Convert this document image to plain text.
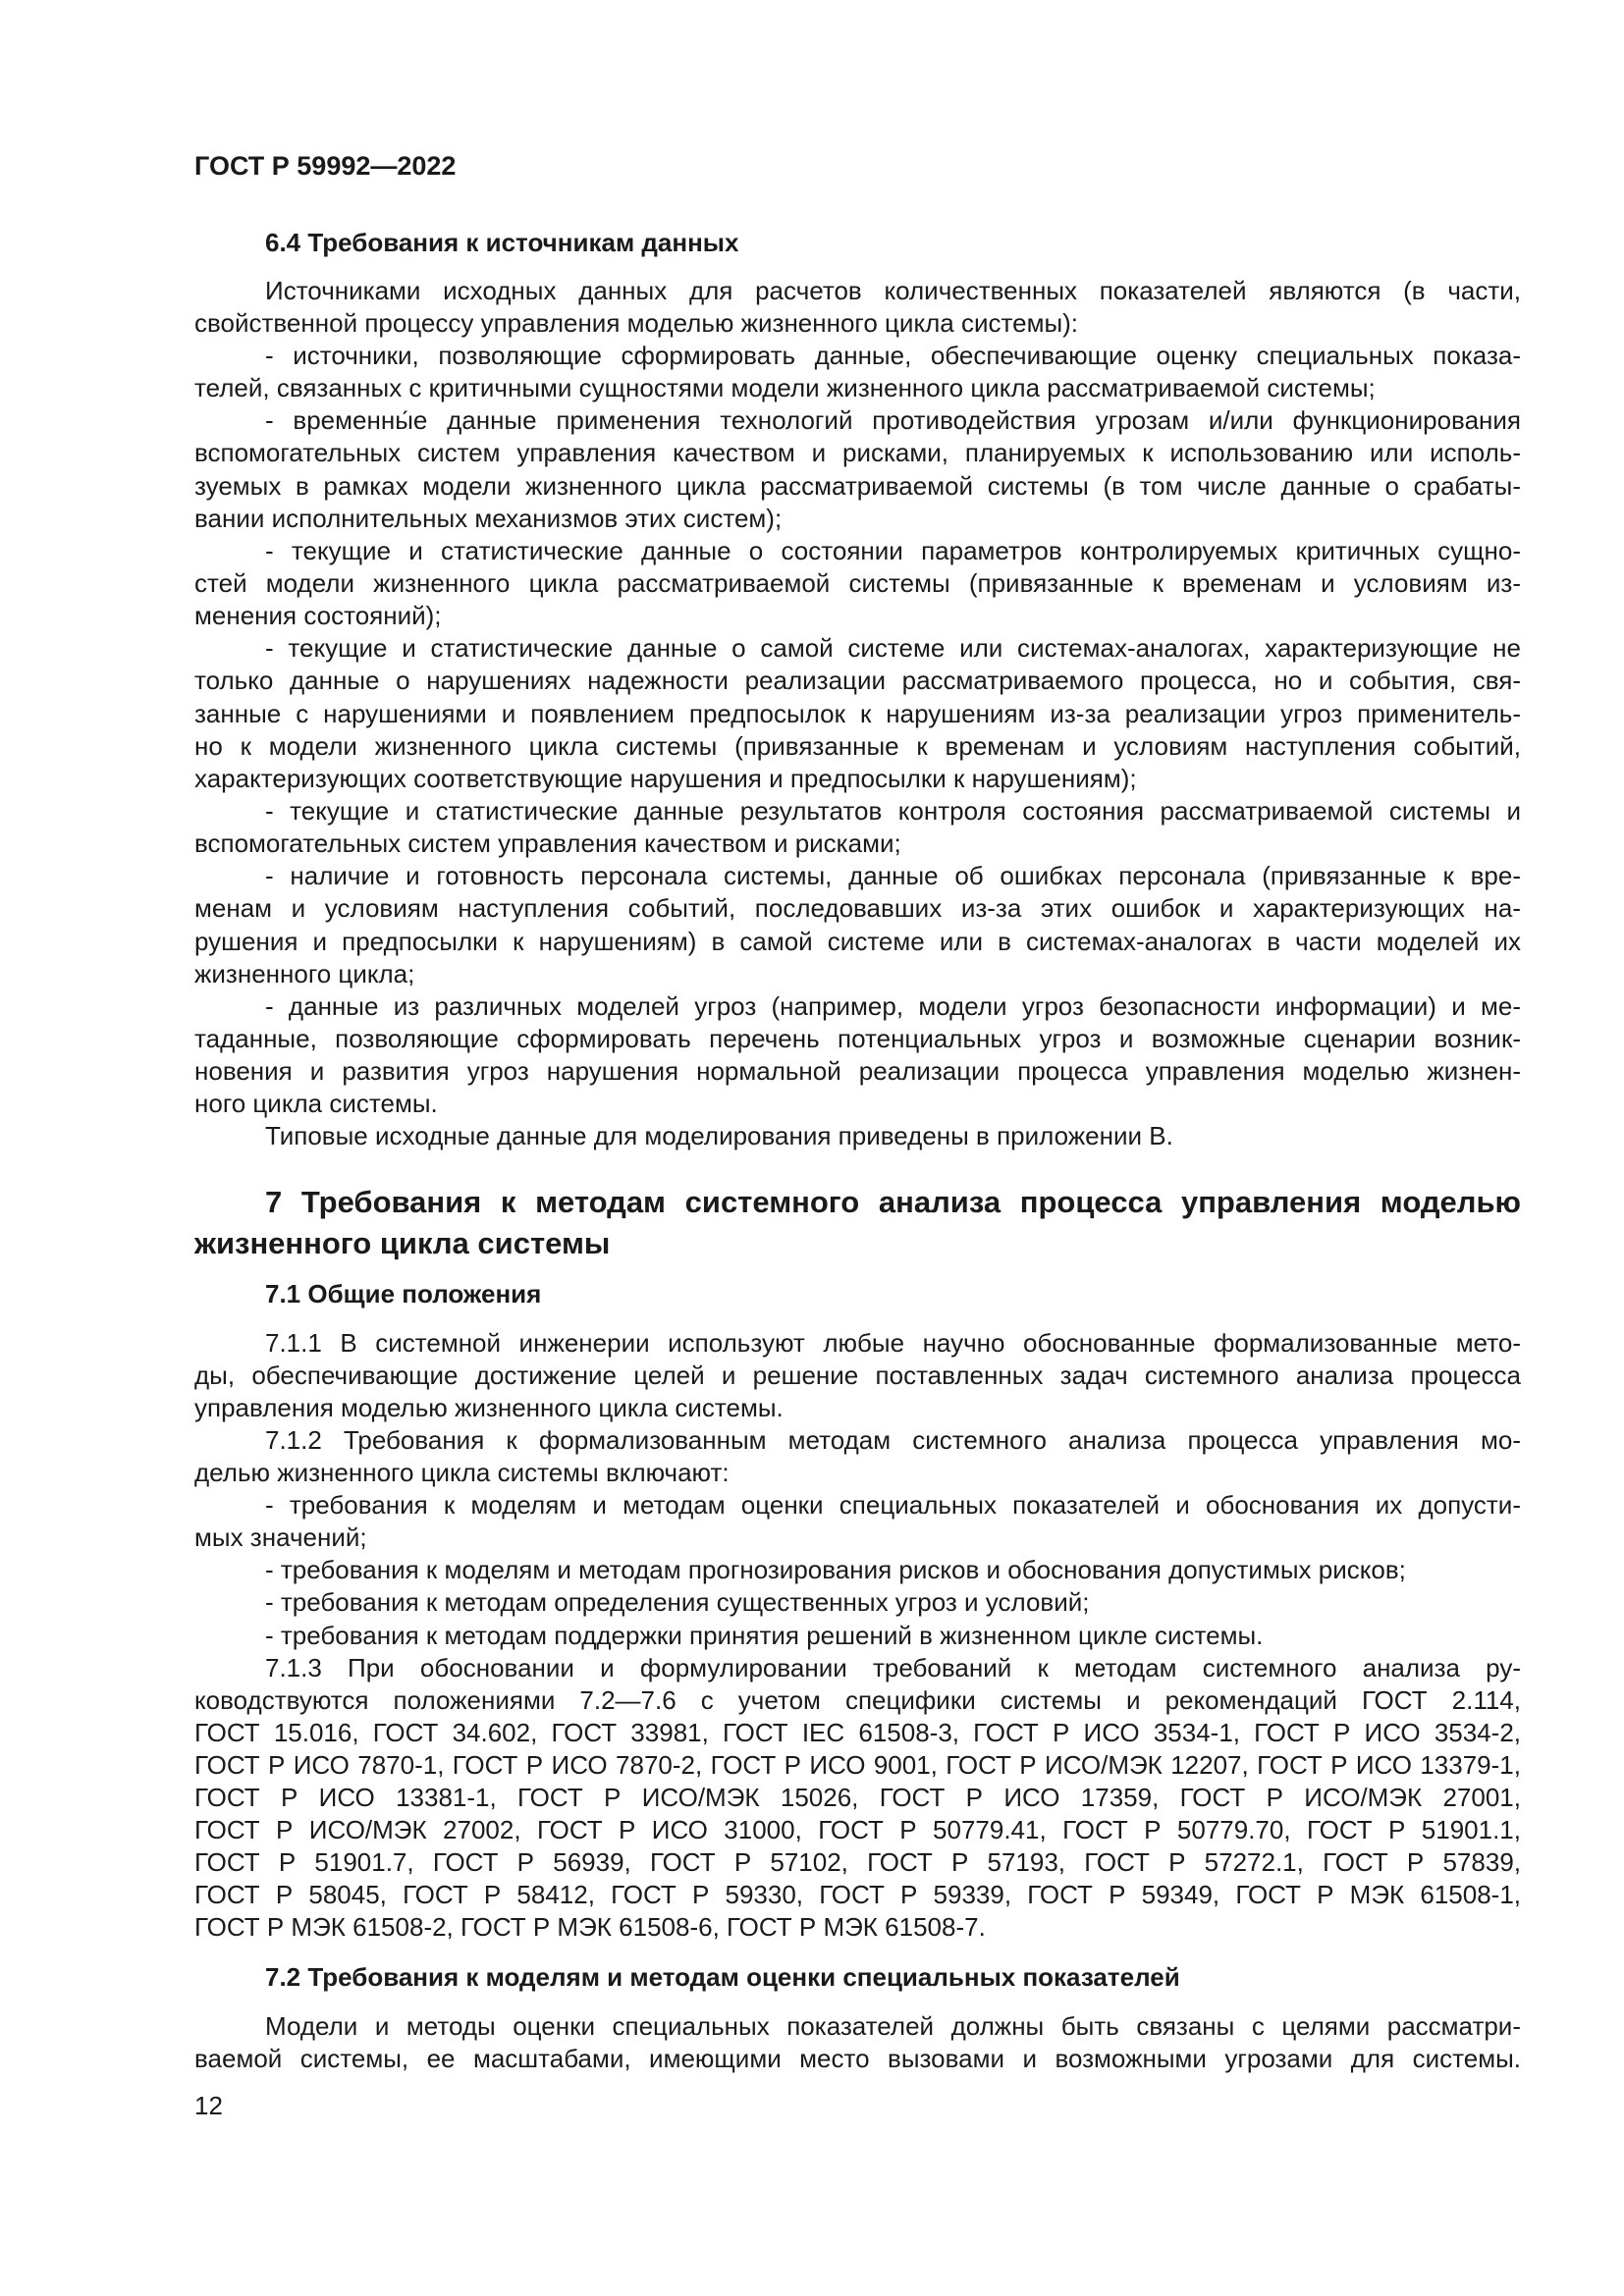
ГОСТ Р 59992—2022
6.4 Требования к источникам данных
Источниками исходных данных для расчетов количественных показателей являются (в части,
свойственной процессу управления моделью жизненного цикла системы):
- источники, позволяющие сформировать данные, обеспечивающие оценку специальных показа-
телей, связанных с критичными сущностями модели жизненного цикла рассматриваемой системы;
- временны́е данные применения технологий противодействия угрозам и/или функционирования
вспомогательных систем управления качеством и рисками, планируемых к использованию или исполь-
зуемых в рамках модели жизненного цикла рассматриваемой системы (в том числе данные о срабаты-
вании исполнительных механизмов этих систем);
- текущие и статистические данные о состоянии параметров контролируемых критичных сущно-
стей модели жизненного цикла рассматриваемой системы (привязанные к временам и условиям из-
менения состояний);
- текущие и статистические данные о самой системе или системах-аналогах, характеризующие не
только данные о нарушениях надежности реализации рассматриваемого процесса, но и события, свя-
занные с нарушениями и появлением предпосылок к нарушениям из-за реализации угроз применитель-
но к модели жизненного цикла системы (привязанные к временам и условиям наступления событий,
характеризующих соответствующие нарушения и предпосылки к нарушениям);
- текущие и статистические данные результатов контроля состояния рассматриваемой системы и
вспомогательных систем управления качеством и рисками;
- наличие и готовность персонала системы, данные об ошибках персонала (привязанные к вре-
менам и условиям наступления событий, последовавших из-за этих ошибок и характеризующих на-
рушения и предпосылки к нарушениям) в самой системе или в системах-аналогах в части моделей их
жизненного цикла;
- данные из различных моделей угроз (например, модели угроз безопасности информации) и ме-
таданные, позволяющие сформировать перечень потенциальных угроз и возможные сценарии возник-
новения и развития угроз нарушения нормальной реализации процесса управления моделью жизнен-
ного цикла системы.
Типовые исходные данные для моделирования приведены в приложении В.
7 Требования к методам системного анализа процесса управления моделью
жизненного цикла системы
7.1 Общие положения
7.1.1 В системной инженерии используют любые научно обоснованные формализованные мето-
ды, обеспечивающие достижение целей и решение поставленных задач системного анализа процесса
управления моделью жизненного цикла системы.
7.1.2 Требования к формализованным методам системного анализа процесса управления мо-
делью жизненного цикла системы включают:
- требования к моделям и методам оценки специальных показателей и обоснования их допусти-
мых значений;
- требования к моделям и методам прогнозирования рисков и обоснования допустимых рисков;
- требования к методам определения существенных угроз и условий;
- требования к методам поддержки принятия решений в жизненном цикле системы.
7.1.3 При обосновании и формулировании требований к методам системного анализа ру-
ководствуются положениями 7.2—7.6 с учетом специфики системы и рекомендаций ГОСТ 2.114,
ГОСТ 15.016, ГОСТ 34.602, ГОСТ 33981, ГОСТ IEC 61508-3, ГОСТ Р ИСО 3534-1, ГОСТ Р ИСО 3534-2,
ГОСТ Р ИСО 7870-1, ГОСТ Р ИСО 7870-2, ГОСТ Р ИСО 9001, ГОСТ Р ИСО/МЭК 12207, ГОСТ Р ИСО 13379-1,
ГОСТ Р ИСО 13381-1, ГОСТ Р ИСО/МЭК 15026, ГОСТ Р ИСО 17359, ГОСТ Р ИСО/МЭК 27001,
ГОСТ Р ИСО/МЭК 27002, ГОСТ Р ИСО 31000, ГОСТ Р 50779.41, ГОСТ Р 50779.70, ГОСТ Р 51901.1,
ГОСТ Р 51901.7, ГОСТ Р 56939, ГОСТ Р 57102, ГОСТ Р 57193, ГОСТ Р 57272.1, ГОСТ Р 57839,
ГОСТ Р 58045, ГОСТ Р 58412, ГОСТ Р 59330, ГОСТ Р 59339, ГОСТ Р 59349, ГОСТ Р МЭК 61508-1,
ГОСТ Р МЭК 61508-2, ГОСТ Р МЭК 61508-6, ГОСТ Р МЭК 61508-7.
7.2 Требования к моделям и методам оценки специальных показателей
Модели и методы оценки специальных показателей должны быть связаны с целями рассматри-
ваемой системы, ее масштабами, имеющими место вызовами и возможными угрозами для системы.
12
